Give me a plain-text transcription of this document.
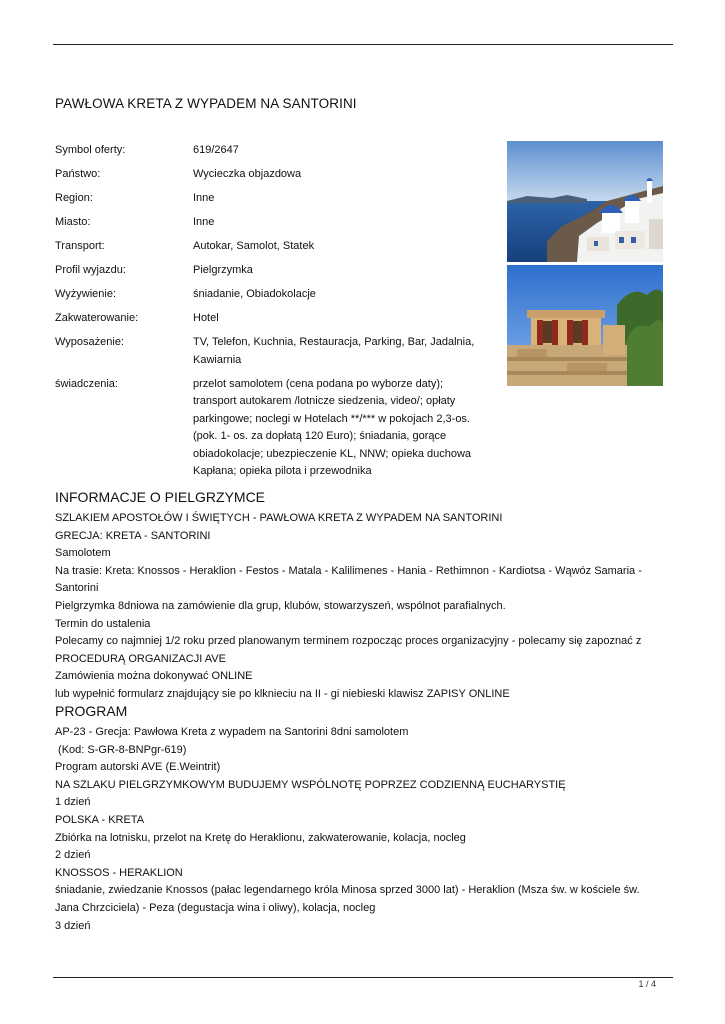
PAWŁOWA KRETA Z WYPADEM NA SANTORINI
Symbol oferty:	619/2647
Państwo:	Wycieczka objazdowa
Region:	Inne
Miasto:	Inne
Transport:	Autokar, Samolot, Statek
Profil wyjazdu:	Pielgrzymka
Wyżywienie:	śniadanie, Obiadokolacje
Zakwaterowanie:	Hotel
Wyposażenie:	TV, Telefon, Kuchnia, Restauracja, Parking, Bar, Jadalnia, Kawiarnia
świadczenia:	przelot samolotem (cena podana po wyborze daty); transport autokarem /lotnicze siedzenia, video/; opłaty parkingowe; noclegi w Hotelach **/*** w pokojach 2,3-os. (pok. 1- os. za dopłatą 120 Euro); śniadania, gorące obiadokolacje; ubezpieczenie KL, NNW; opieka duchowa Kapłana; opieka pilota i przewodnika
INFORMACJE O PIELGRZYMCE
SZLAKIEM APOSTOŁÓW I ŚWIĘTYCH - PAWŁOWA KRETA Z WYPADEM NA SANTORINI
GRECJA: KRETA - SANTORINI
Samolotem
Na trasie: Kreta: Knossos - Heraklion - Festos - Matala - Kalilimenes - Hania - Rethimnon - Kardiotsa - Wąwóz Samaria - Santorini
Pielgrzymka 8dniowa na zamówienie dla grup, klubów, stowarzyszeń, wspólnot parafialnych.
Termin do ustalenia
Polecamy co najmniej 1/2 roku przed planowanym terminem rozpocząc proces organizacyjny - polecamy się zapoznać z PROCEDURĄ ORGANIZACJI AVE
Zamówienia można dokonywać ONLINE
lub wypełnić formularz znajdujący sie po klknieciu na II - gi niebieski klawisz ZAPISY ONLINE
PROGRAM
AP-23 - Grecja: Pawłowa Kreta z wypadem na Santorini 8dni samolotem
(Kod: S-GR-8-BNPgr-619)
Program autorski AVE (E.Weintrit)
NA SZLAKU PIELGRZYMKOWYM BUDUJEMY WSPÓLNOTĘ POPRZEZ CODZIENNĄ EUCHARYSTIĘ
1 dzień
POLSKA - KRETA
Zbiórka na lotnisku, przelot na Kretę do Heraklionu, zakwaterowanie, kolacja, nocleg
2 dzień
KNOSSOS - HERAKLION
śniadanie, zwiedzanie Knossos (pałac legendarnego króla Minosa sprzed 3000 lat) - Heraklion (Msza św. w kościele św. Jana Chrzciciela) - Peza (degustacja wina i oliwy), kolacja, nocleg
3 dzień
1 / 4
